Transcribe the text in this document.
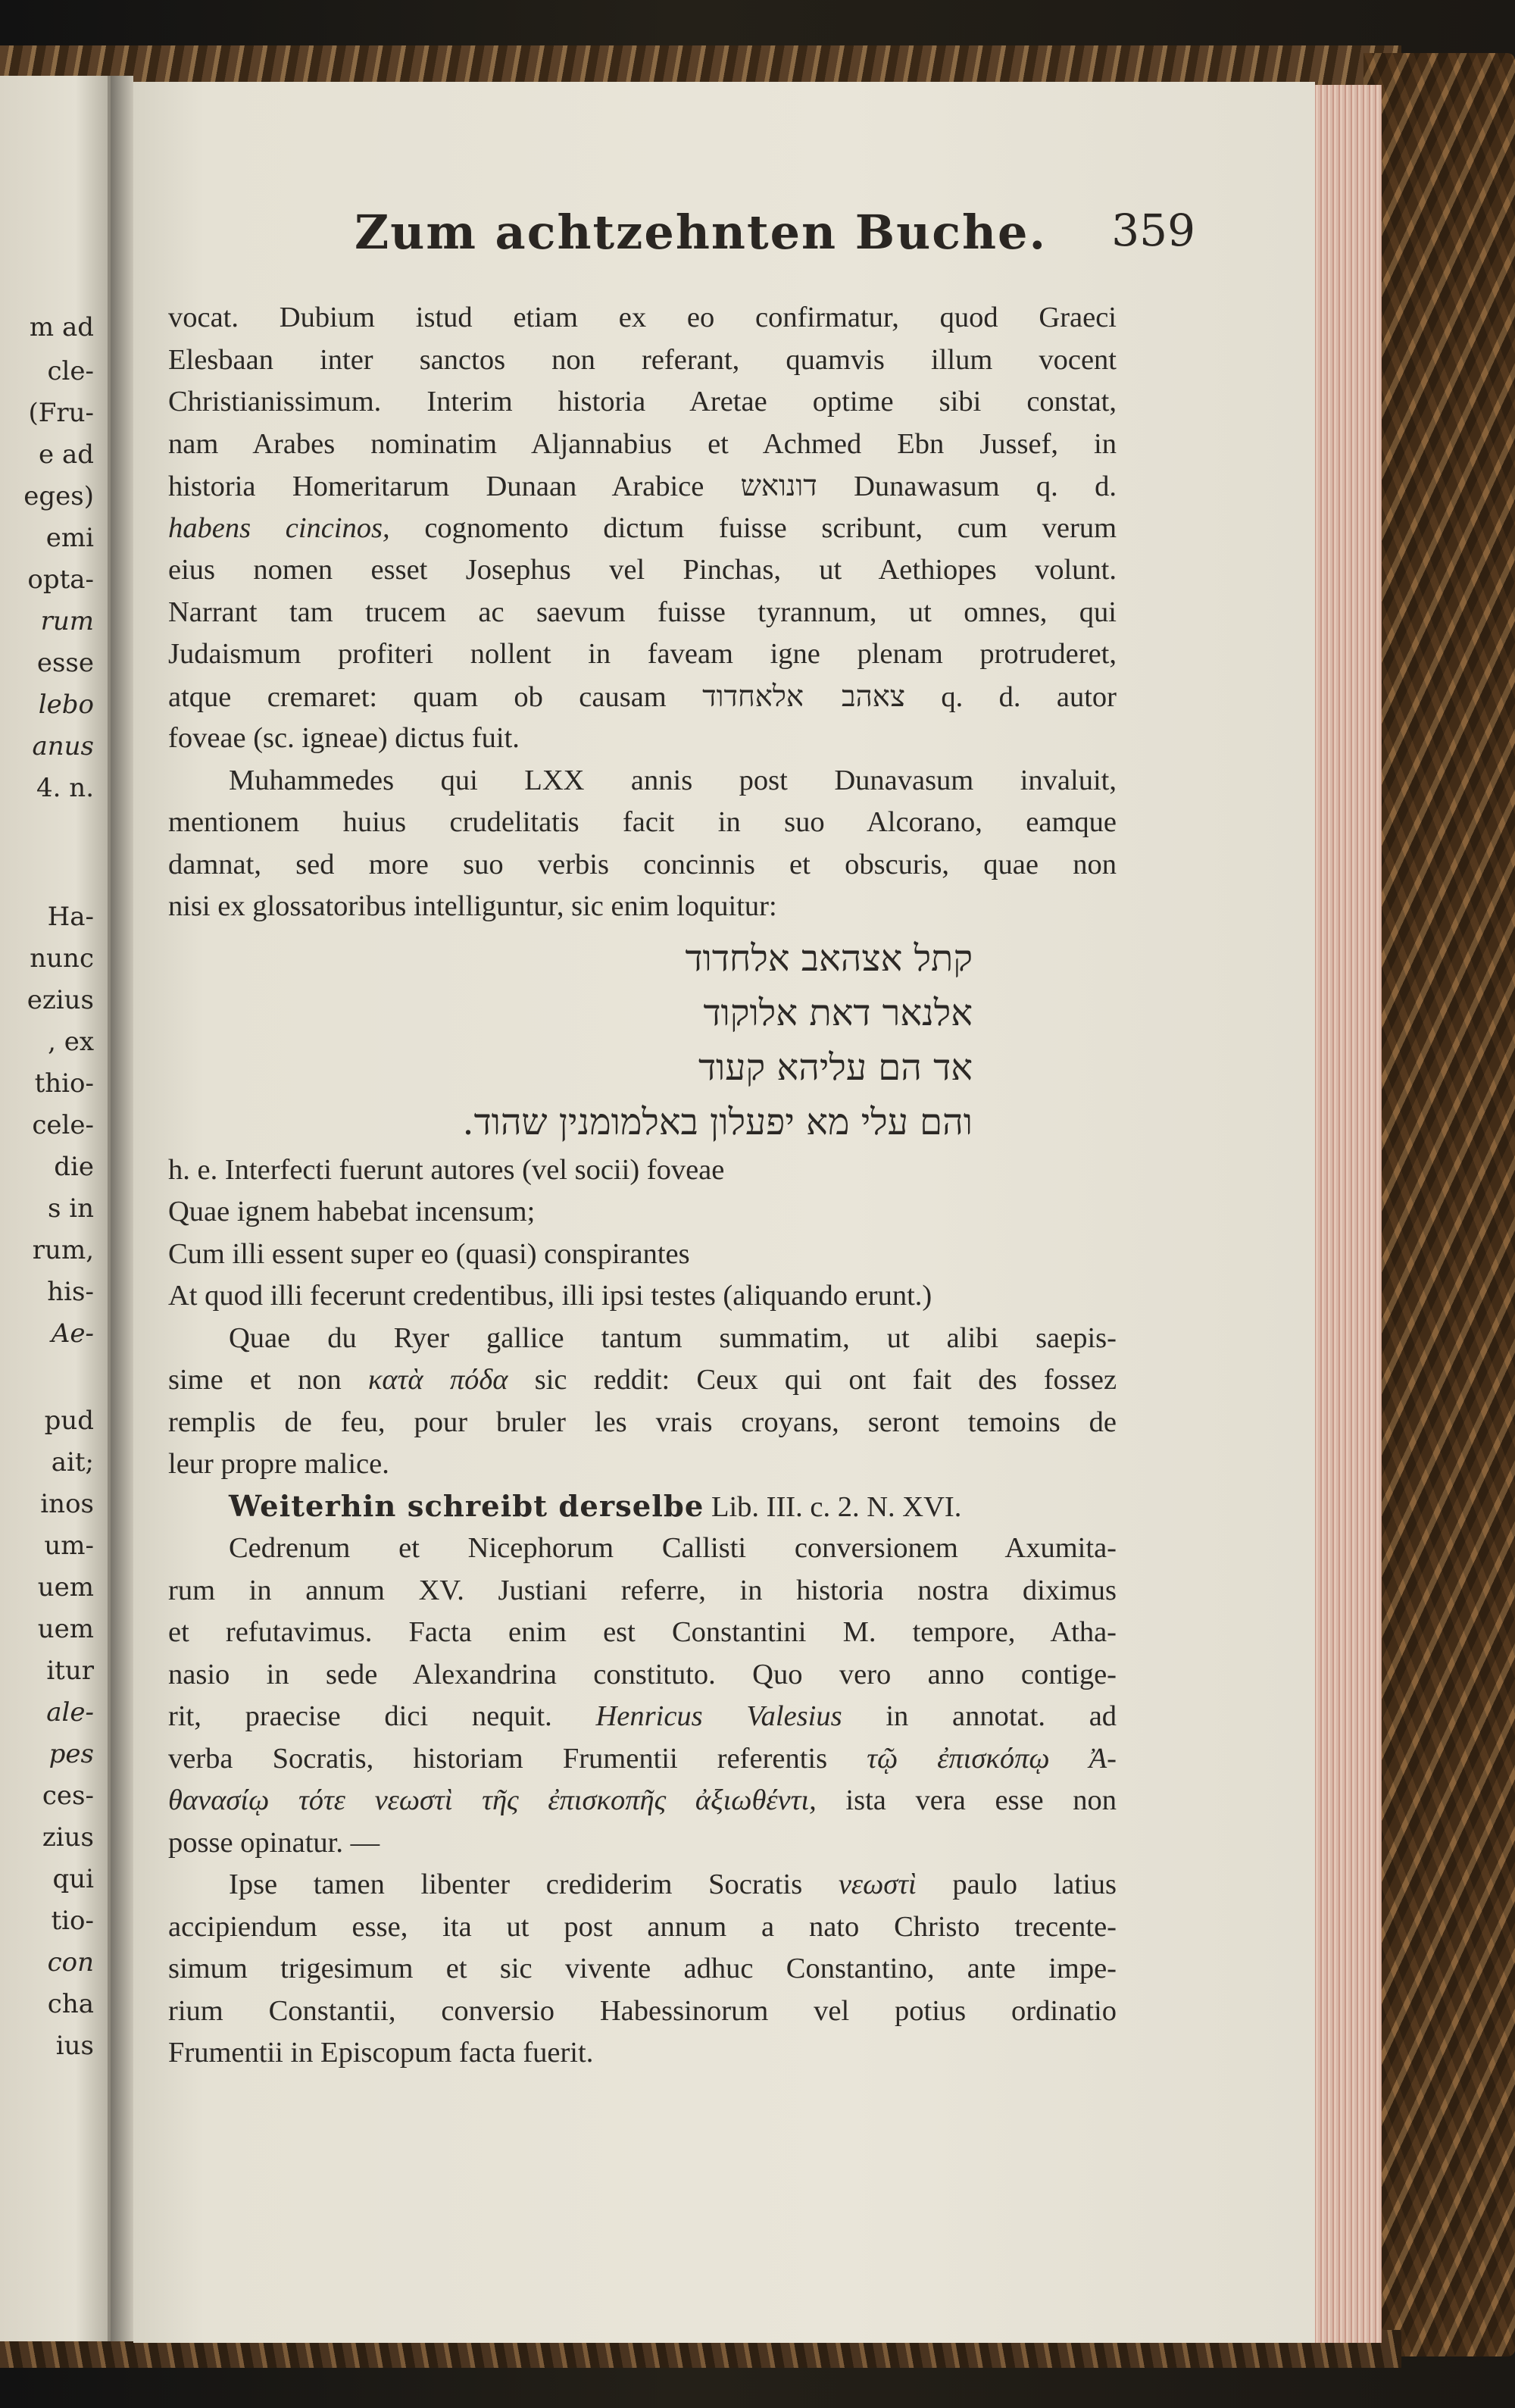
m ad
cle-
(Fru-
e ad
eges)
emi
opta-
rum
esse
lebo
anus
4. n.
Ha-
nunc
ezius
, ex
thio-
cele-
die
s in
rum,
his-
Ae-
pud
ait;
inos
um-
uem
uem
itur
ale-
pes
ces-
zius
qui
tio-
con
cha
ius
Zum achtzehnten Buche. 359
vocat. Dubium istud etiam ex eo confirmatur, quod Graeci
Elesbaan inter sanctos non referant, quamvis illum vocent
Christianissimum. Interim historia Aretae optime sibi constat,
nam Arabes nominatim Aljannabius et Achmed Ebn Jussef, in
historia Homeritarum Dunaan Arabice דונואש Dunawasum q. d.
habens cincinos, cognomento dictum fuisse scribunt, cum verum
eius nomen esset Josephus vel Pinchas, ut Aethiopes volunt.
Narrant tam trucem ac saevum fuisse tyrannum, ut omnes, qui
Judaismum profiteri nollent in faveam igne plenam protruderet,
atque cremaret: quam ob causam צאהב אלאחדוד q. d. autor
foveae (sc. igneae) dictus fuit.
Muhammedes qui LXX annis post Dunavasum invaluit,
mentionem huius crudelitatis facit in suo Alcorano, eamque
damnat, sed more suo verbis concinnis et obscuris, quae non
nisi ex glossatoribus intelliguntur, sic enim loquitur:
קתל אצהאב אלחדוד
אלנאר דאת אלוקוד
אד הם עליהא קעוד
והם עלי מא יפעלון באלמומנין שהוד.
h. e. Interfecti fuerunt autores (vel socii) foveae
Quae ignem habebat incensum;
Cum illi essent super eo (quasi) conspirantes
At quod illi fecerunt credentibus, illi ipsi testes (aliquando erunt.)
Quae du Ryer gallice tantum summatim, ut alibi saepis-
sime et non κατὰ πόδα sic reddit: Ceux qui ont fait des fossez
remplis de feu, pour bruler les vrais croyans, seront temoins de
leur propre malice.
Weiterhin schreibt derselbe Lib. III. c. 2. N. XVI.
Cedrenum et Nicephorum Callisti conversionem Axumita-
rum in annum XV. Justiani referre, in historia nostra diximus
et refutavimus. Facta enim est Constantini M. tempore, Atha-
nasio in sede Alexandrina constituto. Quo vero anno contige-
rit, praecise dici nequit. Henricus Valesius in annotat. ad
verba Socratis, historiam Frumentii referentis τῷ ἐπισκόπῳ Ἀ-
θανασίῳ τότε νεωστὶ τῆς ἐπισκοπῆς ἀξιωθέντι, ista vera esse non
posse opinatur. —
Ipse tamen libenter crediderim Socratis νεωστὶ paulo latius
accipiendum esse, ita ut post annum a nato Christo trecente-
simum trigesimum et sic vivente adhuc Constantino, ante impe-
rium Constantii, conversio Habessinorum vel potius ordinatio
Frumentii in Episcopum facta fuerit.
